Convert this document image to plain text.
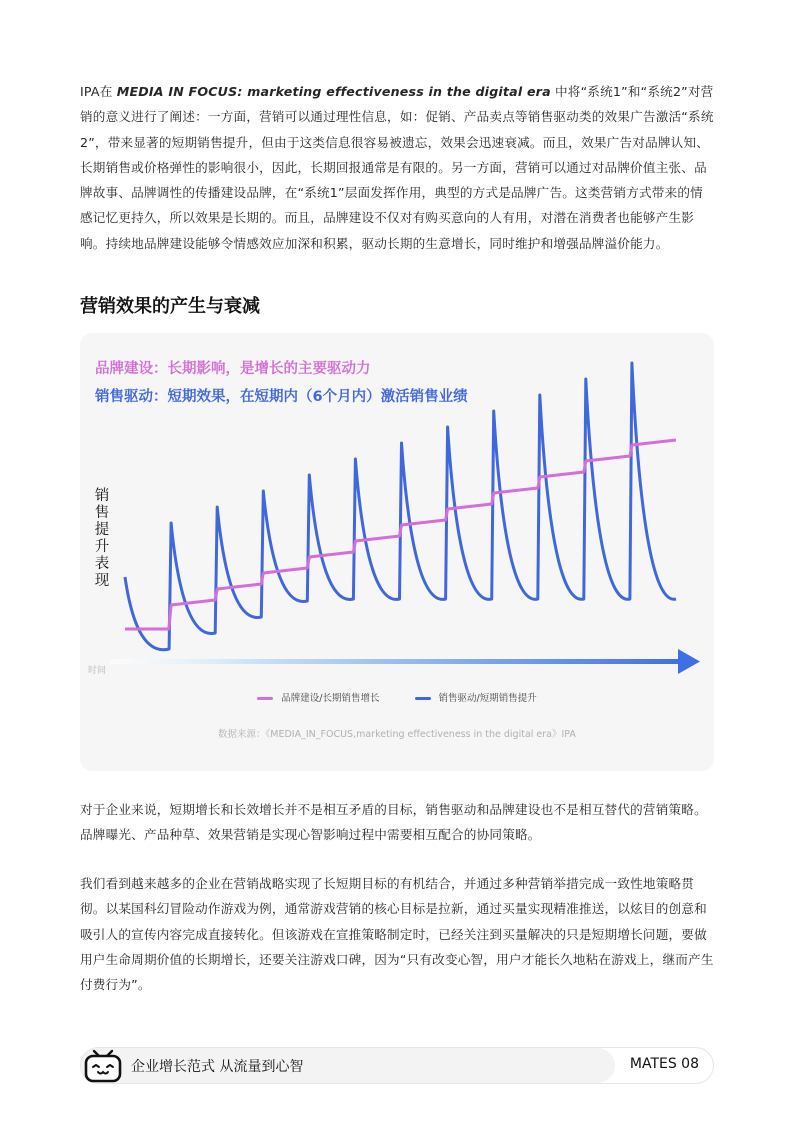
IPA在 MEDIA IN FOCUS: marketing effectiveness in the digital era 中将“系统1”和“系统2”对营销的意义进行了阐述：一方面，营销可以通过理性信息，如：促销、产品卖点等销售驱动类的效果广告激活“系统2”，带来显著的短期销售提升，但由于这类信息很容易被遗忘，效果会迅速衰减。而且，效果广告对品牌认知、长期销售或价格弹性的影响很小，因此，长期回报通常是有限的。另一方面，营销可以通过对品牌价值主张、品牌故事、品牌调性的传播建设品牌，在“系统1”层面发挥作用，典型的方式是品牌广告。这类营销方式带来的情感记忆更持久，所以效果是长期的。而且，品牌建设不仅对有购买意向的人有用，对潜在消费者也能够产生影响。持续地品牌建设能够令情感效应加深和积累，驱动长期的生意增长，同时维护和增强品牌溢价能力。

营销效果的产生与衰减

品牌建设：长期影响，是增长的主要驱动力

销售驱动：短期效果，在短期内（6个月内）激活销售业绩

销售提升表现
时间
品牌建设/长期销售增长	销售驱动/短期销售提升
数据来源：《MEDIA_IN_FOCUS,marketing effectiveness in the digital era》IPA

对于企业来说，短期增长和长效增长并不是相互矛盾的目标，销售驱动和品牌建设也不是相互替代的营销策略。品牌曝光、产品种草、效果营销是实现心智影响过程中需要相互配合的协同策略。

我们看到越来越多的企业在营销战略实现了长短期目标的有机结合，并通过多种营销举措完成一致性地策略贯彻。以某国科幻冒险动作游戏为例，通常游戏营销的核心目标是拉新，通过买量实现精准推送，以炫目的创意和吸引人的宣传内容完成直接转化。但该游戏在宣推策略制定时，已经关注到买量解决的只是短期增长问题，要做用户生命周期价值的长期增长，还要关注游戏口碑，因为“只有改变心智，用户才能长久地粘在游戏上，继而产生付费行为”。

企业增长范式 从流量到心智	MATES 08
